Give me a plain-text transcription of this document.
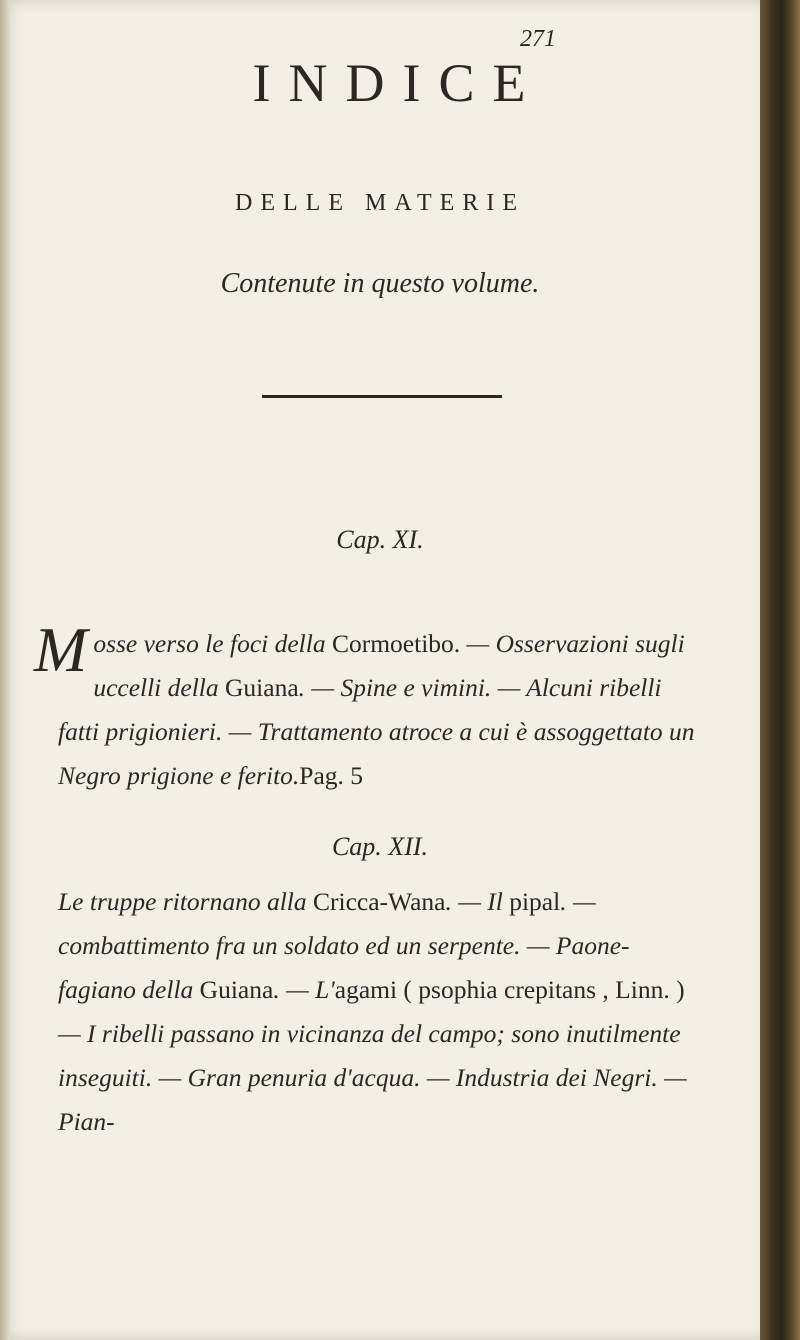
271
INDICE
DELLE MATERIE
Contenute in questo volume.
Cap. XI.
Mosse verso le foci della Cormoetibo. — Osservazioni sugli uccelli della Guiana. — Spine e vimini. — Alcuni ribelli fatti prigionieri. — Trattamento atroce a cui è assoggettato un Negro prigione e ferito.Pag. 5
Cap. XII.
Le truppe ritornano alla Cricca-Wana. — Il pipal. — combattimento fra un soldato ed un serpente. — Paone-fagiano della Guiana. — L'agami ( psophia crepitans , Linn. ) — I ribelli passano in vicinanza del campo; sono inutilmente inseguiti. — Gran penuria d'acqua. — Industria dei Negri. — Pian-
